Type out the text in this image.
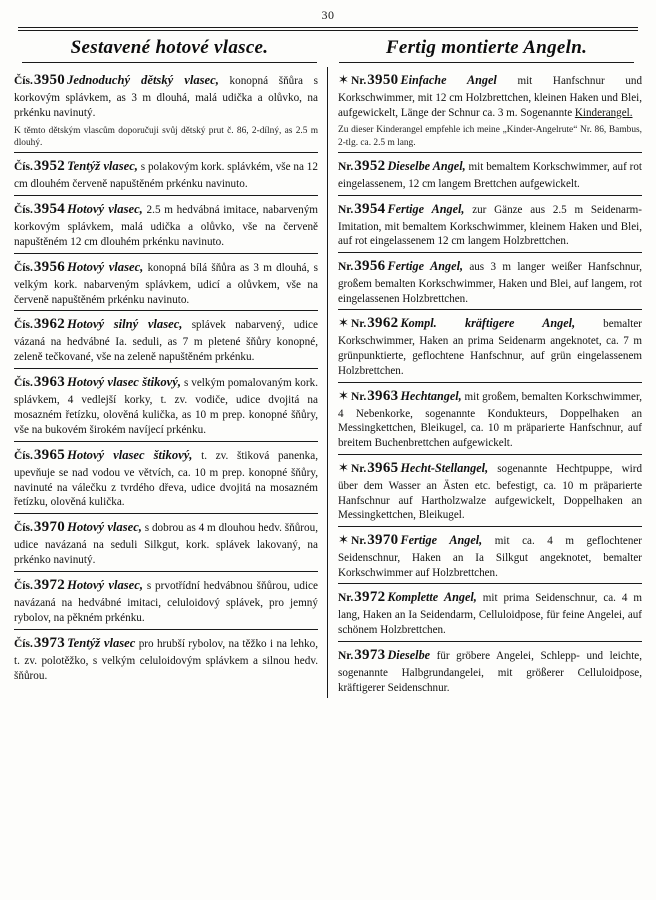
30
Sestavené hotové vlasce.	Fertig montierte Angeln.
Čís.3950 Jednoduchý dětský vlasec, konopná šňůra s korkovým splávkem, as 3 m dlouhá, malá udička a olůvko, na prkénku navinutý.
K těmto dětským vlascům doporučuji svůj dětský prut č. 86, 2-dílný, as 2.5 m dlouhý.
Čís.3952 Tentýž vlasec, s polakovým kork. splávkém, vše na 12 cm dlouhém červeně napuštěném prkénku navinuto.
Čís.3954 Hotový vlasec, 2.5 m hedvábná imitace, nabarveným korkovým splávkem, malá udička a olůvko, vše na červeně napuštěném 12 cm dlouhém prkénku navinuto.
Čís.3956 Hotový vlasec, konopná bílá šňůra as 3 m dlouhá, s velkým kork. nabarveným splávkem, udicí a olůvkem, vše na červeně napuštěném prkénku navinuto.
Čís.3962 Hotový silný vlasec, splávek nabarvený, udice vázaná na hedvábné Ia. seduli, as 7 m pletené šňůry konopné, zeleně tečkované, vše na zeleně napuštěném prkénku.
Čís.3963 Hotový vlasec štikový, s velkým pomalovaným kork. splávkem, 4 vedlejší korky, t. zv. vodiče, udice dvojitá na mosazném řetízku, olověná kulička, as 10 m prep. konopné šňůry, vše na bukovém širokém navíjecí prkénku.
Čís.3965 Hotový vlasec štikový, t. zv. štiková panenka, upevňuje se nad vodou ve větvích, ca. 10 m prep. konopné šňůry, navinuté na válečku z tvrdého dřeva, udice dvojitá na mosazném řetízku, olověná kulička.
Čís.3970 Hotový vlasec, s dobrou as 4 m dlouhou hedv. šňůrou, udice navázaná na seduli Silkgut, kork. splávek lakovaný, na prkénko navinutý.
Čís.3972 Hotový vlasec, s prvotřídní hedvábnou šňůrou, udice navázaná na hedvábné imitaci, celuloidový splávek, pro jemný rybolov, na pěkném prkénku.
Čís.3973 Tentýž vlasec pro hrubší rybolov, na těžko i na lehko, t. zv. polotěžko, s velkým celuloidovým splávkem a silnou hedv. šňůrou.
✶ Nr.3950 Einfache Angel mit Hanfschnur und Korkschwimmer, mit 12 cm Holzbrettchen, kleinen Haken und Blei, aufgewickelt, Länge der Schnur ca. 3 m. Sogenannte Kinderangel.
Zu dieser Kinderangel empfehle ich meine „Kinder-Angelrute“ Nr. 86, Bambus, 2-tlg. ca. 2.5 m lang.
Nr.3952 Dieselbe Angel, mit bemaltem Korkschwimmer, auf rot eingelassenem, 12 cm langem Brettchen aufgewickelt.
Nr.3954 Fertige Angel, zur Gänze aus 2.5 m Seidenarm-Imitation, mit bemaltem Korkschwimmer, kleinem Haken und Blei, auf rot eingelassenem 12 cm langem Holzbrettchen.
Nr.3956 Fertige Angel, aus 3 m langer weißer Hanfschnur, großem bemalten Korkschwimmer, Haken und Blei, auf langem, rot eingelassenen Holzbrettchen.
✶ Nr.3962 Kompl. kräftigere Angel, bemalter Korkschwimmer, Haken an prima Seidenarm angeknotet, ca. 7 m grünpunktierte, geflochtene Hanfschnur, auf grün eingelassenem Holzbrettchen.
✶ Nr.3963 Hechtangel, mit großem, bemalten Korkschwimmer, 4 Nebenkorke, sogenannte Kondukteurs, Doppelhaken an Messingkettchen, Bleikugel, ca. 10 m präparierte Hanfschnur, auf breitem Buchenbrettchen aufgewickelt.
✶ Nr.3965 Hecht-Stellangel, sogenannte Hechtpuppe, wird über dem Wasser an Ästen etc. befestigt, ca. 10 m präparierte Hanfschnur auf Hartholzwalze aufgewickelt, Doppelhaken an Messingkettchen, Bleikugel.
✶ Nr.3970 Fertige Angel, mit ca. 4 m geflochtener Seidenschnur, Haken an Ia Silkgut angeknotet, bemalter Korkschwimmer auf Holzbrettchen.
Nr.3972 Komplette Angel, mit prima Seidenschnur, ca. 4 m lang, Haken an Ia Seidendarm, Celluloidpose, für feine Angelei, auf schönem Holzbrettchen.
Nr.3973 Dieselbe für gröbere Angelei, Schlepp- und leichte, sogenannte Halbgrundangelei, mit größerer Celluloidpose, kräftigerer Seidenschnur.
